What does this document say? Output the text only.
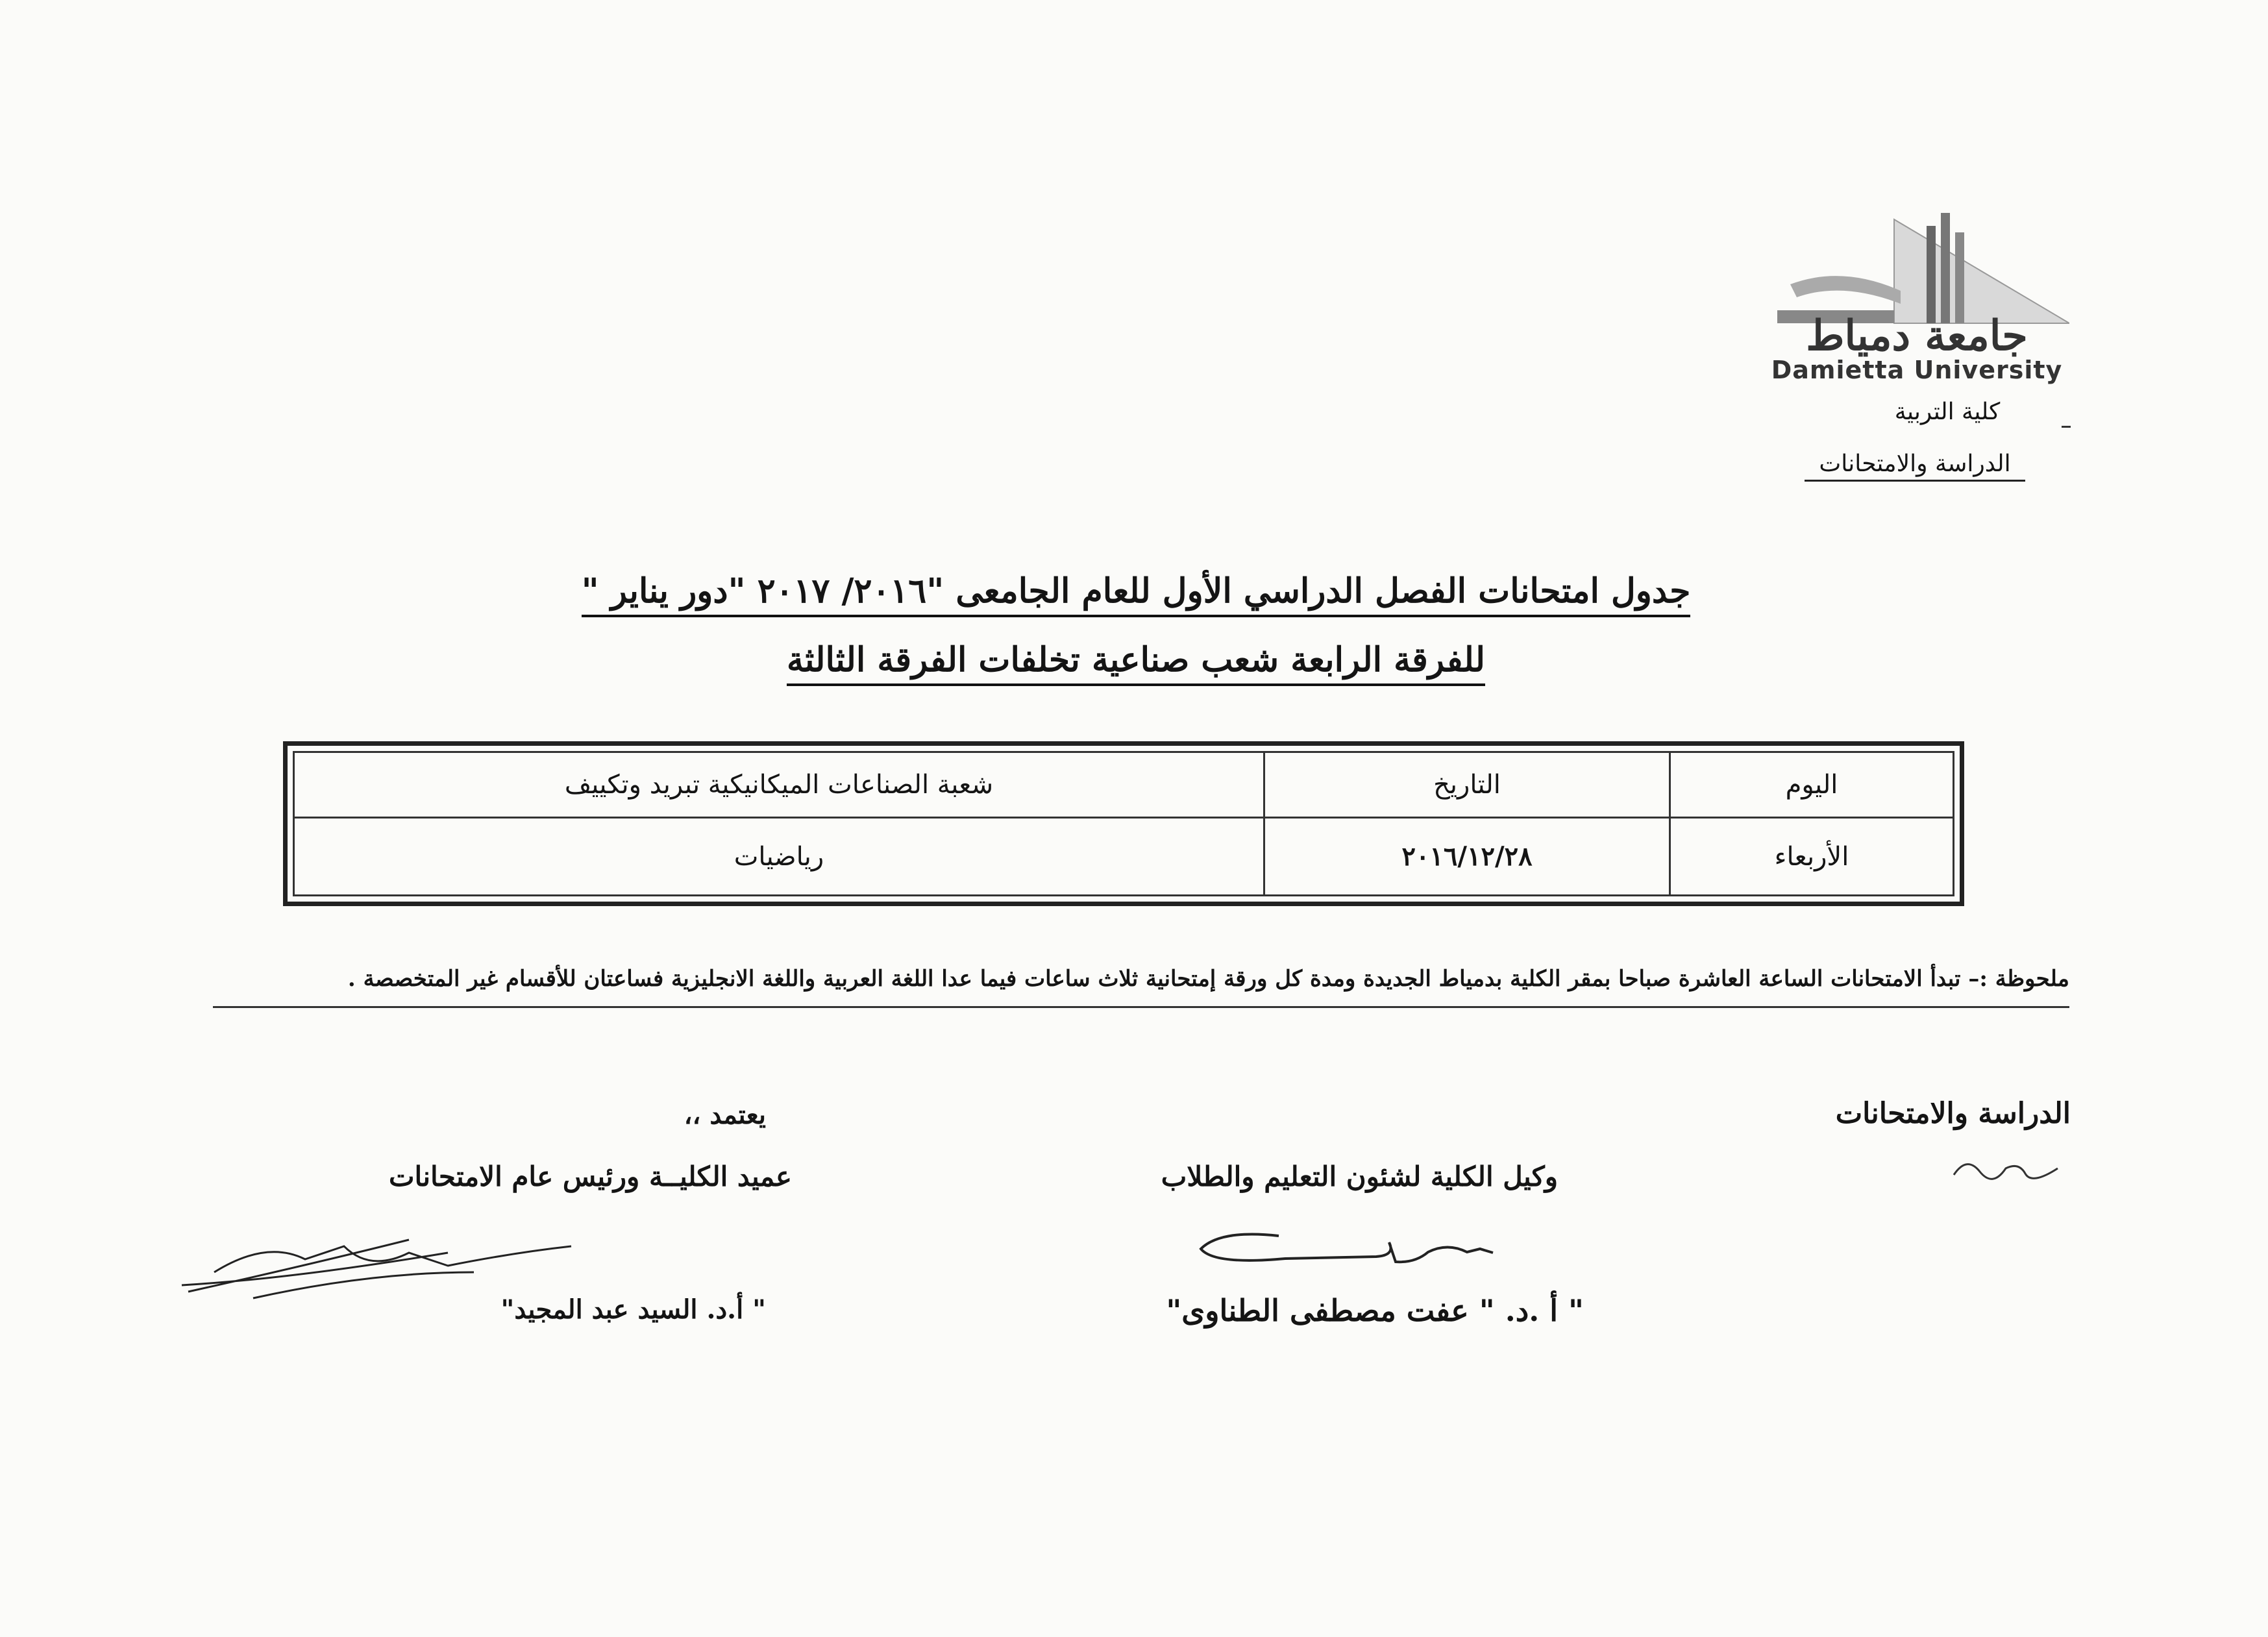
جامعة دمياط
Damietta University
كلية التربية
الدراسة والامتحانات
جدول امتحانات الفصل الدراسي الأول للعام الجامعى "٢٠١٦/ ٢٠١٧ "دور يناير "
للفرقة الرابعة شعب صناعية تخلفات الفرقة الثالثة
اليوم	التاريخ	شعبة الصناعات الميكانيكية تبريد وتكييف
الأربعاء	٢٠١٦/١٢/٢٨	رياضيات
ملحوظة :– تبدأ الامتحانات الساعة العاشرة صباحا بمقر الكلية بدمياط الجديدة ومدة كل ورقة إمتحانية ثلاث ساعات فيما عدا اللغة العربية واللغة الانجليزية فساعتان للأقسام غير المتخصصة .
الدراسة والامتحانات
وكيل الكلية لشئون التعليم والطلاب
" أ .د. " عفت مصطفى الطناوى"
يعتمد ،،
عميد الكليــة ورئيس عام الامتحانات
" أ.د. السيد عبد المجيد"
